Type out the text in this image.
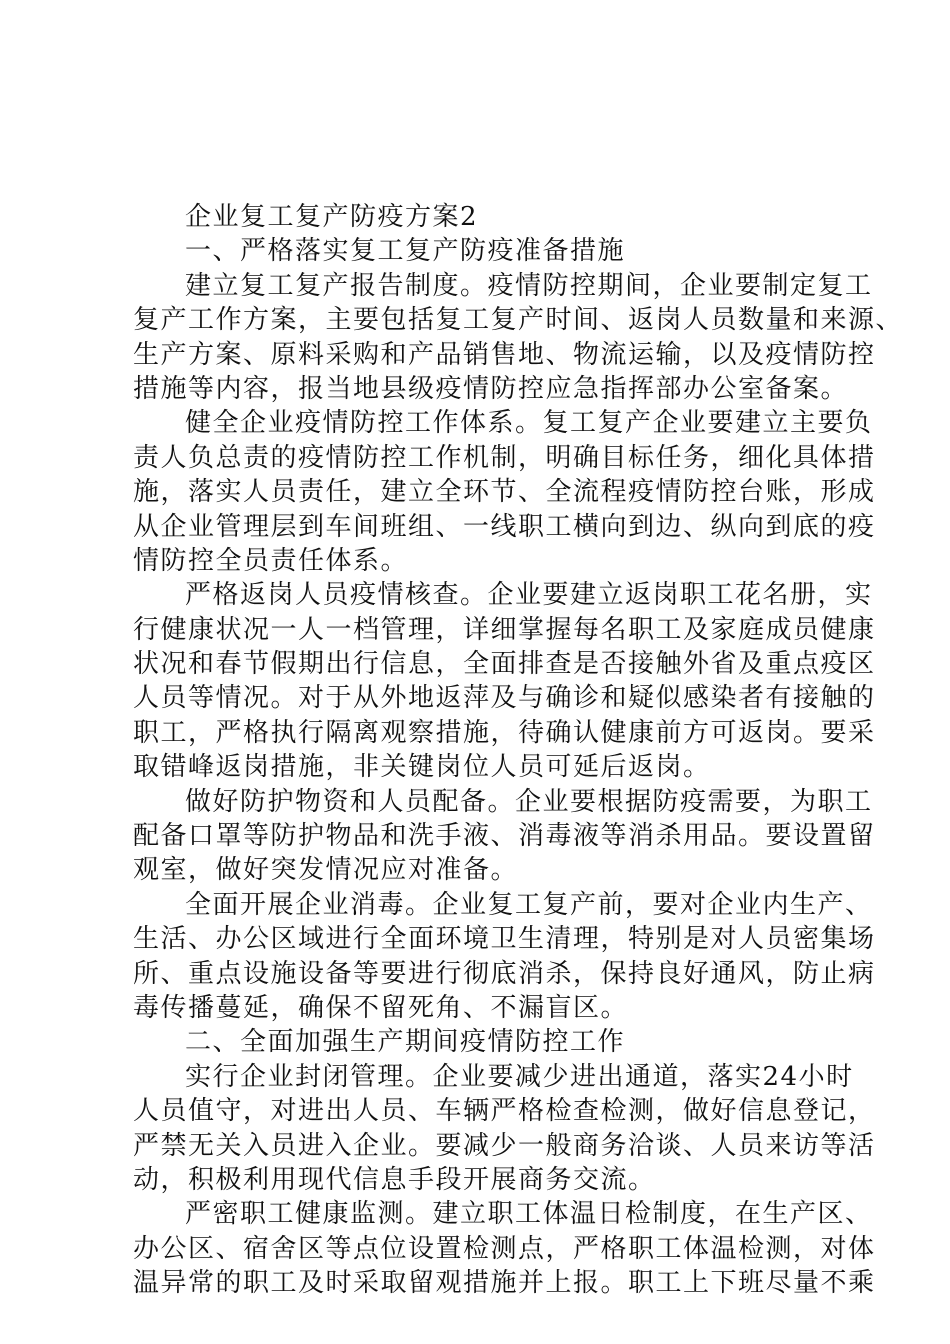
企业复工复产防疫方案2
一、严格落实复工复产防疫准备措施
建立复工复产报告制度。疫情防控期间，企业要制定复工
复产工作方案，主要包括复工复产时间、返岗人员数量和来源、
生产方案、原料采购和产品销售地、物流运输，以及疫情防控
措施等内容，报当地县级疫情防控应急指挥部办公室备案。
健全企业疫情防控工作体系。复工复产企业要建立主要负
责人负总责的疫情防控工作机制，明确目标任务，细化具体措
施，落实人员责任，建立全环节、全流程疫情防控台账，形成
从企业管理层到车间班组、一线职工横向到边、纵向到底的疫
情防控全员责任体系。
严格返岗人员疫情核查。企业要建立返岗职工花名册，实
行健康状况一人一档管理，详细掌握每名职工及家庭成员健康
状况和春节假期出行信息，全面排查是否接触外省及重点疫区
人员等情况。对于从外地返萍及与确诊和疑似感染者有接触的
职工，严格执行隔离观察措施，待确认健康前方可返岗。要采
取错峰返岗措施，非关键岗位人员可延后返岗。
做好防护物资和人员配备。企业要根据防疫需要，为职工
配备口罩等防护物品和洗手液、消毒液等消杀用品。要设置留
观室，做好突发情况应对准备。
全面开展企业消毒。企业复工复产前，要对企业内生产、
生活、办公区域进行全面环境卫生清理，特别是对人员密集场
所、重点设施设备等要进行彻底消杀，保持良好通风，防止病
毒传播蔓延，确保不留死角、不漏盲区。
二、全面加强生产期间疫情防控工作
实行企业封闭管理。企业要减少进出通道，落实24小时
人员值守，对进出人员、车辆严格检查检测，做好信息登记，
严禁无关入员进入企业。要减少一般商务洽谈、人员来访等活
动，积极利用现代信息手段开展商务交流。
严密职工健康监测。建立职工体温日检制度，在生产区、
办公区、宿舍区等点位设置检测点，严格职工体温检测，对体
温异常的职工及时采取留观措施并上报。职工上下班尽量不乘
